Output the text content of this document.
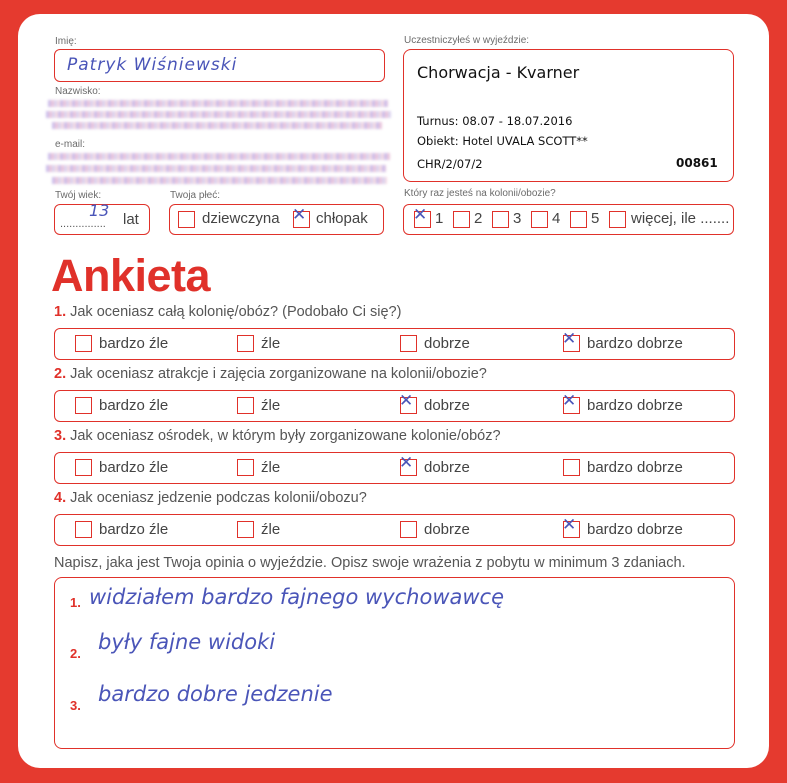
Imię:
Patryk Wiśniewski
Nazwisko:
e-mail:
Twój wiek:
...............
13 lat
Twoja płeć:
dziewczyna ✕ chłopak
Uczestniczyłeś w wyjeździe:
Chorwacja - Kvarner
Turnus: 08.07 - 18.07.2016
Obiekt: Hotel UVALA SCOTT**
CHR/2/07/2	00861
Który raz jesteś na kolonii/obozie?
✕ 1 2 3 4 5 więcej, ile .......
Ankieta
1. Jak oceniasz całą kolonię/obóz? (Podobało Ci się?)
bardzo źle	źle	dobrze	✕ bardzo dobrze
2. Jak oceniasz atrakcje i zajęcia zorganizowane na kolonii/obozie?
bardzo źle	źle	✕ dobrze	✕ bardzo dobrze
3. Jak oceniasz ośrodek, w którym były zorganizowane kolonie/obóz?
bardzo źle	źle	✕ dobrze	bardzo dobrze
4. Jak oceniasz jedzenie podczas kolonii/obozu?
bardzo źle	źle	dobrze	✕ bardzo dobrze
Napisz, jaka jest Twoja opinia o wyjeździe. Opisz swoje wrażenia z pobytu w minimum 3 zdaniach.
1. widziałem bardzo fajnego wychowawcę
2. były fajne widoki
3. bardzo dobre jedzenie
